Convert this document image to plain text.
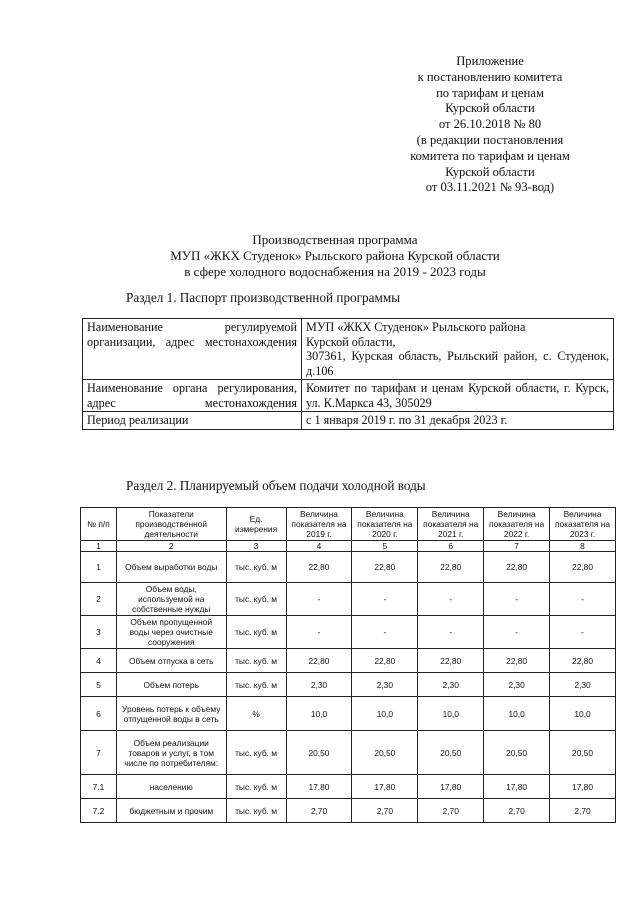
Приложение
к постановлению комитета
по тарифам и ценам
Курской области
от 26.10.2018 № 80
(в редакции постановления
комитета по тарифам и ценам
Курской области
от 03.11.2021 № 93-вод)
Производственная программа
МУП «ЖКХ Студенок» Рыльского района Курской области
в сфере холодного водоснабжения на 2019 - 2023 годы
Раздел 1. Паспорт производственной программы
Наименование регулируемой организации, адрес местонахождения	МУП «ЖКХ Студенок» Рыльского района
Курской области,
307361, Курская область, Рыльский район, с. Студенок, д.106

Наименование органа регулирования, адрес местонахождения	Комитет по тарифам и ценам Курской области, г. Курск, ул. К.Маркса 43, 305029

Период реализации	с 1 января 2019 г. по 31 декабря 2023 г.
Раздел 2. Планируемый объем подачи холодной воды
№ п/п	Показатели производственной деятельности	Ед. измерения	Величина показателя на 2019 г.	Величина показателя на 2020 г.	Величина показателя на 2021 г.	Величина показателя на 2022 г.	Величина показателя на 2023 г.
1	2	3	4	5	6	7	8
1	Объем выработки воды	тыс. куб. м	22,80	22,80	22,80	22,80	22,80
2	Объем воды, используемой на собственные нужды	тыс. куб. м	-	-	-	-	-
3	Объем пропущенной воды через очистные сооружения	тыс. куб. м	-	-	-	-	-
4	Объем отпуска в сеть	тыс. куб. м	22,80	22,80	22,80	22,80	22,80
5	Объем потерь	тыс. куб. м	2,30	2,30	2,30	2,30	2,30
6	Уровень потерь к объему отпущенной воды в сеть	%	10,0	10,0	10,0	10,0	10,0
7	Объем реализации товаров и услуг, в том числе по потребителям:	тыс. куб. м	20,50	20,50	20,50	20,50	20,50
7.1	населению	тыс. куб. м	17,80	17,80	17,80	17,80	17,80
7.2	бюджетным и прочим	тыс. куб. м	2,70	2,70	2,70	2,70	2,70
